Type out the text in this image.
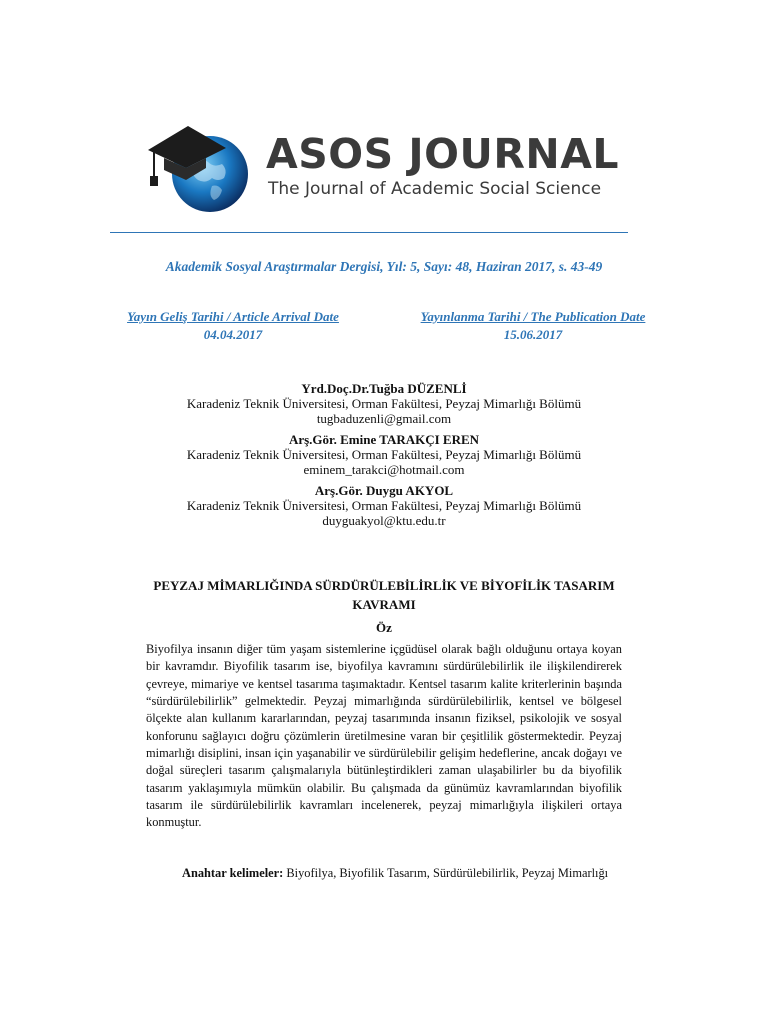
ASOS JOURNAL
The Journal of Academic Social Science
Akademik Sosyal Araştırmalar Dergisi, Yıl: 5, Sayı: 48, Haziran 2017, s. 43-49
Yayın Geliş Tarihi / Article Arrival Date
04.04.2017
Yayınlanma Tarihi / The Publication Date
15.06.2017
Yrd.Doç.Dr.Tuğba DÜZENLİ
Karadeniz Teknik Üniversitesi, Orman Fakültesi, Peyzaj Mimarlığı Bölümü
tugbaduzenli@gmail.com
Arş.Gör. Emine TARAKÇI EREN
Karadeniz Teknik Üniversitesi, Orman Fakültesi, Peyzaj Mimarlığı Bölümü
eminem_tarakci@hotmail.com
Arş.Gör. Duygu AKYOL
Karadeniz Teknik Üniversitesi, Orman Fakültesi, Peyzaj Mimarlığı Bölümü
duyguakyol@ktu.edu.tr
PEYZAJ MİMARLIĞINDA SÜRDÜRÜLEBİLİRLİK VE BİYOFİLİK TASARIM KAVRAMI
Öz

Biyofilya insanın diğer tüm yaşam sistemlerine içgüdüsel olarak bağlı olduğunu ortaya koyan bir kavramdır. Biyofilik tasarım ise, biyofilya kavramını sürdürülebilirlik ile ilişkilendirerek çevreye, mimariye ve kentsel tasarıma taşımaktadır. Kentsel tasarım kalite kriterlerinin başında “sürdürülebilirlik” gelmektedir. Peyzaj mimarlığında sürdürülebilirlik, kentsel ve bölgesel ölçekte alan kullanım kararlarından, peyzaj tasarımında insanın fiziksel, psikolojik ve sosyal konforunu sağlayıcı doğru çözümlerin üretilmesine varan bir çeşitlilik göstermektedir. Peyzaj mimarlığı disiplini, insan için yaşanabilir ve sürdürülebilir gelişim hedeflerine, ancak doğayı ve doğal süreçleri tasarım çalışmalarıyla bütünleştirdikleri zaman ulaşabilirler bu da biyofilik tasarım yaklaşımıyla mümkün olabilir. Bu çalışmada da günümüz kavramlarından biyofilik tasarım ile sürdürülebilirlik kavramları incelenerek, peyzaj mimarlığıyla ilişkileri ortaya konmuştur.

Anahtar kelimeler: Biyofilya, Biyofilik Tasarım, Sürdürülebilirlik, Peyzaj Mimarlığı
